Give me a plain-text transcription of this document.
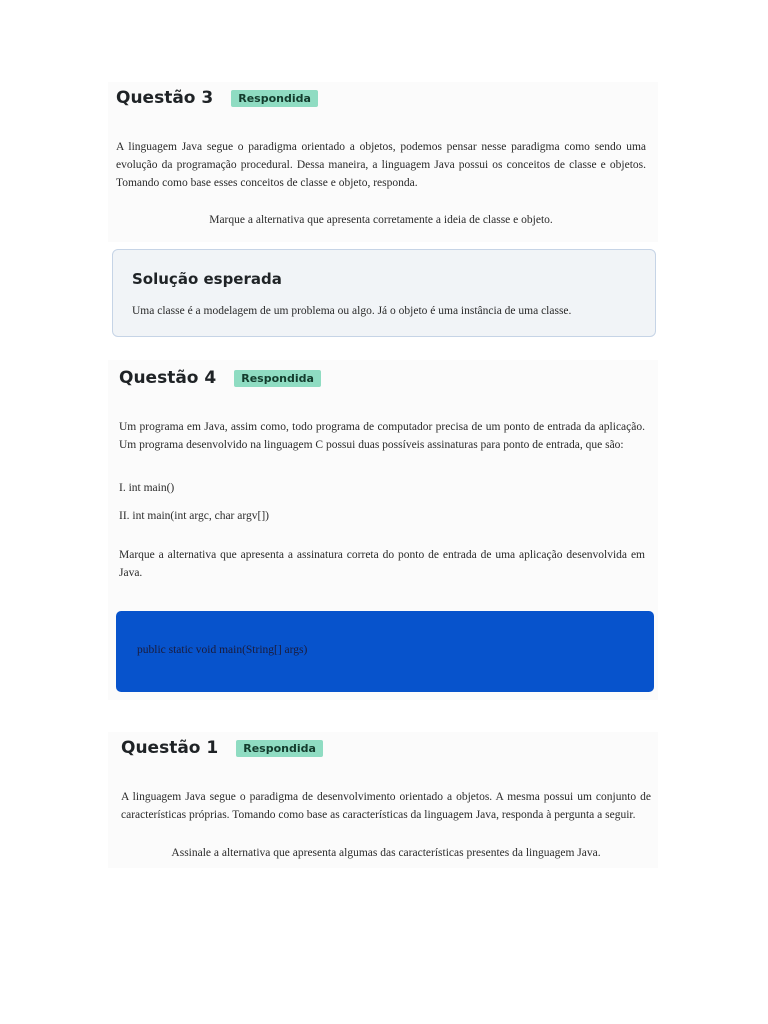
Questão 3	Respondida

A linguagem Java segue o paradigma orientado a objetos, podemos pensar nesse paradigma como sendo uma evolução da programação procedural. Dessa maneira, a linguagem Java possui os conceitos de classe e objetos. Tomando como base esses conceitos de classe e objeto, responda.

Marque a alternativa que apresenta corretamente a ideia de classe e objeto.

Solução esperada

Uma classe é a modelagem de um problema ou algo. Já o objeto é uma instância de uma classe.

Questão 4	Respondida

Um programa em Java, assim como, todo programa de computador precisa de um ponto de entrada da aplicação. Um programa desenvolvido na linguagem C possui duas possíveis assinaturas para ponto de entrada, que são:

I. int main()

II. int main(int argc, char argv[])

Marque a alternativa que apresenta a assinatura correta do ponto de entrada de uma aplicação desenvolvida em Java.

public static void main(String[] args)
Questão 1	Respondida

A linguagem Java segue o paradigma de desenvolvimento orientado a objetos. A mesma possui um conjunto de características próprias. Tomando como base as características da linguagem Java, responda à pergunta a seguir.

Assinale a alternativa que apresenta algumas das características presentes da linguagem Java.
